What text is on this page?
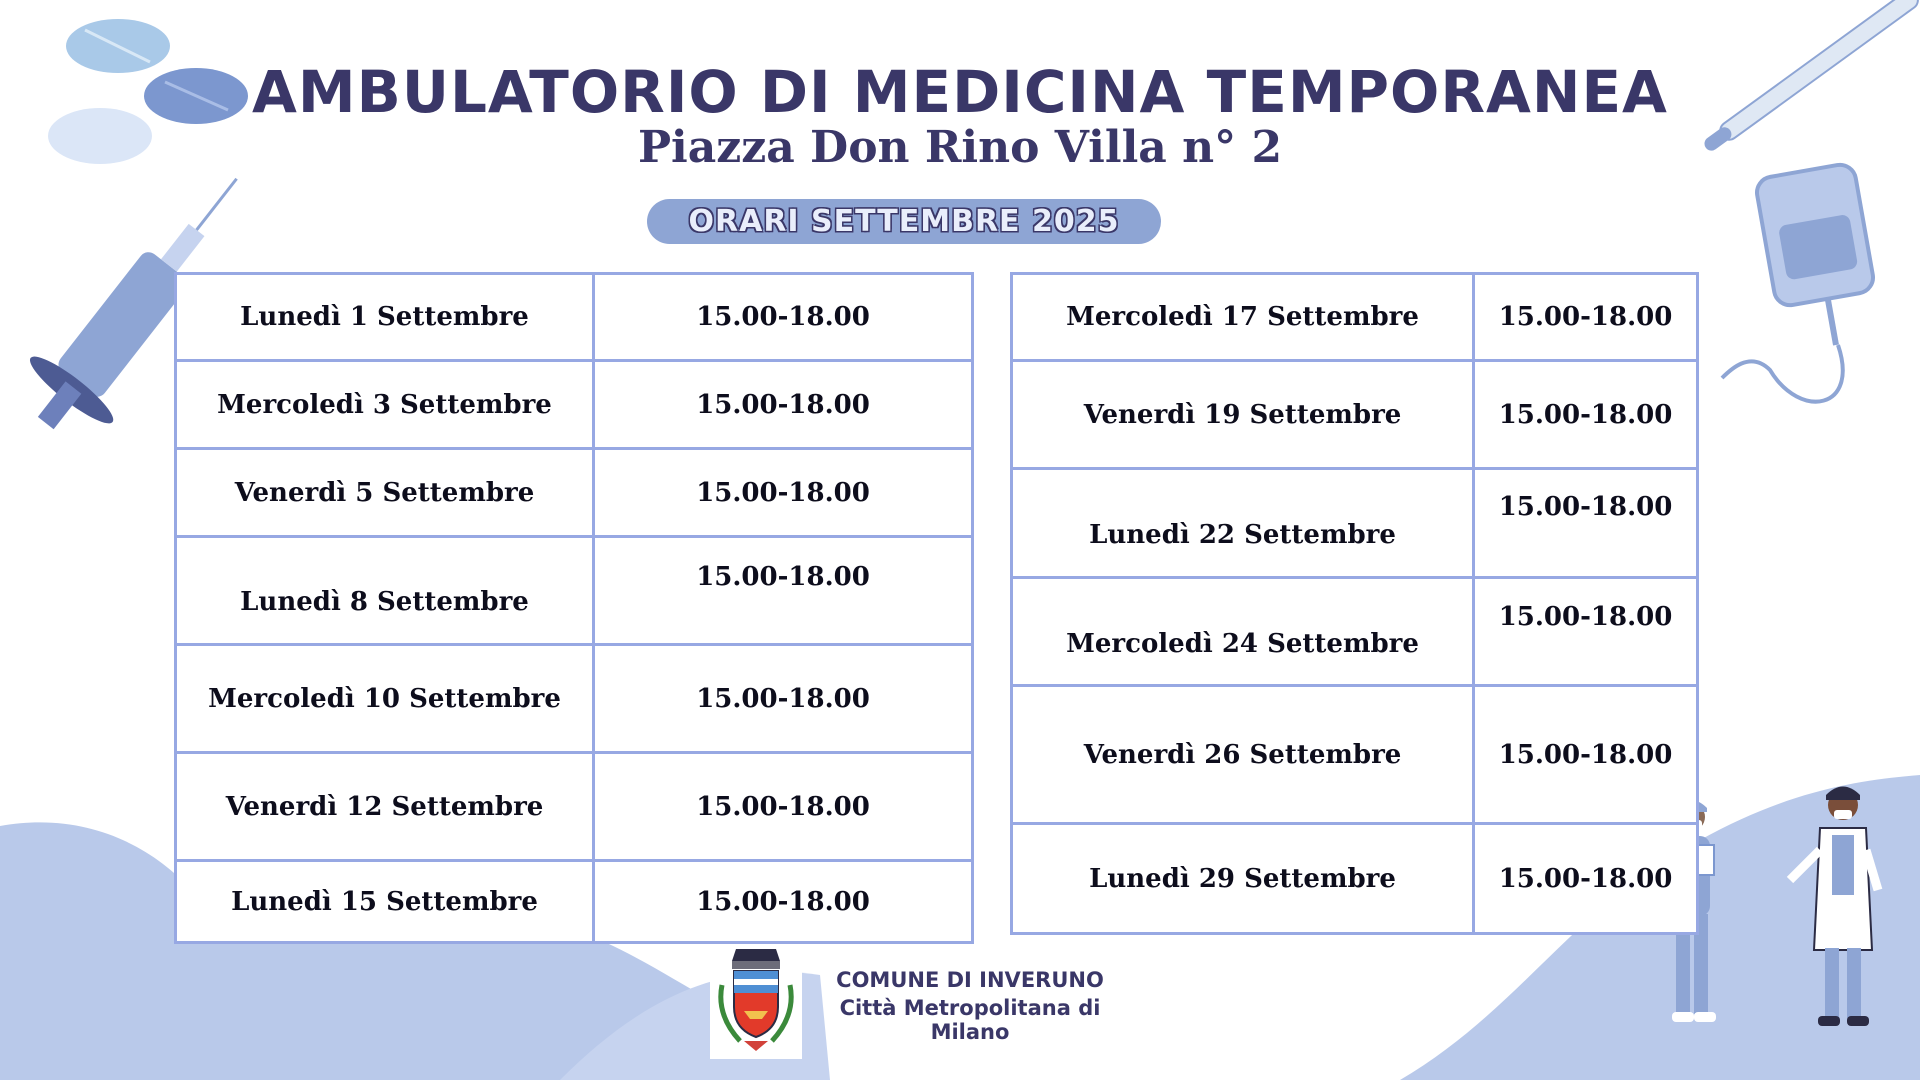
AMBULATORIO DI MEDICINA TEMPORANEA
Piazza Don Rino Villa n° 2
ORARI SETTEMBRE 2025
Lunedì 1 Settembre	15.00-18.00
Mercoledì 3 Settembre	15.00-18.00
Venerdì 5 Settembre	15.00-18.00
Lunedì 8 Settembre	15.00-18.00
Mercoledì 10 Settembre	15.00-18.00
Venerdì 12 Settembre	15.00-18.00
Lunedì 15 Settembre	15.00-18.00
Mercoledì 17 Settembre	15.00-18.00
Venerdì 19 Settembre	15.00-18.00
Lunedì 22 Settembre	15.00-18.00
Mercoledì 24 Settembre	15.00-18.00
Venerdì 26 Settembre	15.00-18.00
Lunedì 29 Settembre	15.00-18.00
COMUNE DI INVERUNO
Città Metropolitana di Milano
